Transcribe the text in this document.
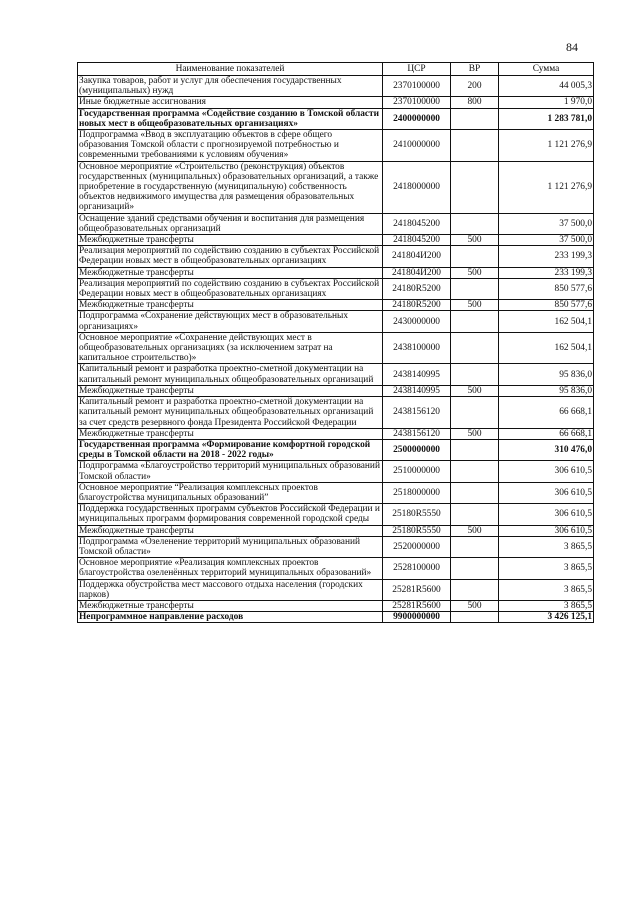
84
Наименование показателей	ЦСР	ВР	Сумма
Закупка товаров, работ и услуг для обеспечения государственных (муниципальных) нужд	2370100000	200	44 005,3
Иные бюджетные ассигнования	2370100000	800	1 970,0
Государственная программа «Содействие созданию в Томской области новых мест в общеобразовательных организациях»	2400000000		1 283 781,0
Подпрограмма «Ввод в эксплуатацию объектов в сфере общего образования Томской области с прогнозируемой потребностью и современными требованиями к условиям обучения»	2410000000		1 121 276,9
Основное мероприятие «Строительство (реконструкция) объектов государственных (муниципальных) образовательных организаций, а также приобретение в государственную (муниципальную) собственность объектов недвижимого имущества для размещения образовательных организаций»	2418000000		1 121 276,9
Оснащение зданий средствами обучения и воспитания для размещения общеобразовательных организаций	2418045200		37 500,0
Межбюджетные трансферты	2418045200	500	37 500,0
Реализация мероприятий по содействию созданию в субъектах Российской Федерации новых мест в общеобразовательных организациях	241804И200		233 199,3
Межбюджетные трансферты	241804И200	500	233 199,3
Реализация мероприятий по содействию созданию в субъектах Российской Федерации новых мест в общеобразовательных организациях	24180R5200		850 577,6
Межбюджетные трансферты	24180R5200	500	850 577,6
Подпрограмма «Сохранение действующих мест в образовательных организациях»	2430000000		162 504,1
Основное мероприятие «Сохранение действующих мест в общеобразовательных организациях (за исключением затрат на капитальное строительство)»	2438100000		162 504,1
Капитальный ремонт и разработка проектно-сметной документации на капитальный ремонт муниципальных общеобразовательных организаций	2438140995		95 836,0
Межбюджетные трансферты	2438140995	500	95 836,0
Капитальный ремонт и разработка проектно-сметной документации на капитальный ремонт муниципальных общеобразовательных организаций за счет средств резервного фонда Президента Российской Федерации	2438156120		66 668,1
Межбюджетные трансферты	2438156120	500	66 668,1
Государственная программа «Формирование комфортной городской среды в Томской области на 2018 - 2022 годы»	2500000000		310 476,0
Подпрограмма «Благоустройство территорий муниципальных образований Томской области»	2510000000		306 610,5
Основное мероприятие “Реализация комплексных проектов благоустройства муниципальных образований”	2518000000		306 610,5
Поддержка государственных программ субъектов Российской Федерации и муниципальных программ формирования современной городской среды	25180R5550		306 610,5
Межбюджетные трансферты	25180R5550	500	306 610,5
Подпрограмма «Озеленение территорий муниципальных образований Томской области»	2520000000		3 865,5
Основное мероприятие «Реализация комплексных проектов благоустройства озеленённых территорий муниципальных образований»	2528100000		3 865,5
Поддержка обустройства мест массового отдыха населения (городских парков)	25281R5600		3 865,5
Межбюджетные трансферты	25281R5600	500	3 865,5
Непрограммное направление расходов	9900000000		3 426 125,1
